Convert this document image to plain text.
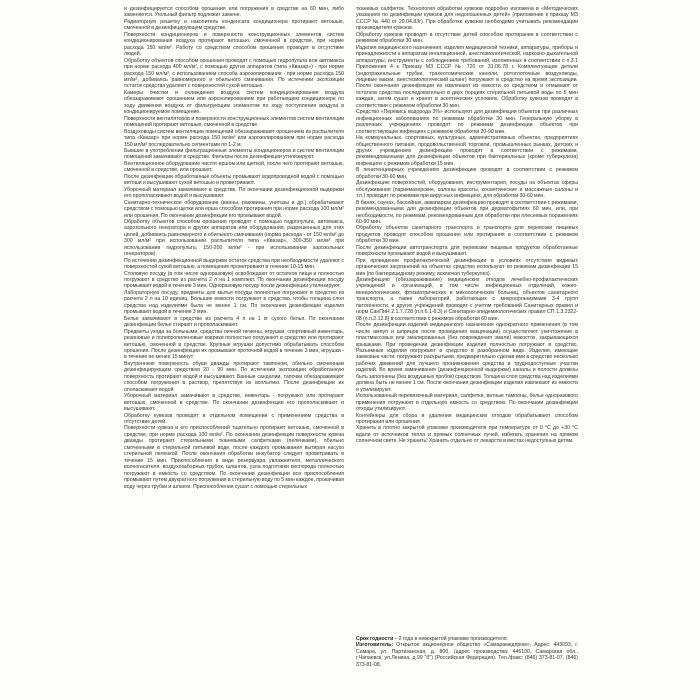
и дезинфицируется способом орошения или погружения в средстве на 60 мин, либо заменяется. Угольный фильтр подлежит замене.

Радиаторную решетку и накопитель конденсата кондиционера протирают ветошью, смоченной в дезинфицирующем средстве.

Поверхности кондиционеров и поверхности конструкционных элементов систем кондиционирования воздуха протирают ветошью, смоченной в средстве, при норме расхода 150 мл/м². Работу со средством способом орошения проводят в отсутствие людей.

Обработку объектов способом орошения проводят с помощью гидропульта или автомакса при норме расхода 400 мл/м², с помощью других аппаратов (типа «Квазар») - при норме расхода 150 мл/м², с использованием способа аэрозолирования - при норме расхода 150 мл/м², добиваясь равномерного и обильного смачивания. По истечении экспозиции остаток средства удаляют с поверхностей сухой ветошью.

Камеры очистки и охлаждения воздуха систем кондиционирования воздуха обеззараживают орошением или аэрозолированием при работающем кондиционере по ходу движения воздуха от фильтрующим элементом по ходу поступления воздуха в кондиционируемое помещение.

Поверхности вентиляторов и поверхности конструкционных элементов систем вентиляции помещений протирают ветошью, смоченной в средстве.

Воздуховоды систем вентиляции помещений обеззараживают орошением из распылителя типа «Квазар» при норме расхода 150 мл/м² или аэрозолированием при норме расхода 150 мл/м² последовательно сегментами по 1-2 м.

Бывшие в употреблении фильтрационные элементы кондиционеров и систем вентиляции помещений замачивают в средстве. Фильтры после дезинфекции утилизируют.

Вентиляционное оборудование чистят ершом или щеткой, после чего протирают ветошью, смоченной в средстве, или орошают.

После дезинфекции обработанные объекты промывают водопроводной водой с помощью ветоши и высушивают сухой ветошью и проветривают.

Уборочный материал замачивают в средстве. По окончании дезинфекционной выдержки его прополаскивают водой и высушивают.

Санитарно-техническое оборудование (ванны, раковины, унитазы и др.) обрабатывают средством с помощью щетки или ерша способом протирания при норме расхода 100 мл/м² или орошения. По окончании дезинфекции его промывают водой.

Обработку объектов способом орошения проводят с помощью гидропульта, автомакса, аэрозольного генератора и других аппаратов или оборудования, разрешенных для этих целей, добиваясь равномерного и обильного смачивания (норма расхода - от 150 мл/м² до 300 мл/м² при использовании распылителя типа «Квазар», 300-350 мл/м² при использовании гидропульта, 150-200 мл/м² - при использовании аэрозольных генераторов).

По истечении дезинфекционной выдержки остаток средства при необходимости удаляют с поверхностей сухой ветошью, а помещение проветривают в течение 10-15 мин.

Столовую посуду (в том числе одноразовую) освобождают от остатков пищи и полностью погружают в средство из расчета 2 л на 1 комплект. По окончании дезинфекции посуду промывают водой в течение 3 мин. Одноразовую посуду после дезинфекции утилизируют.

Лабораторную посуду, предметы для мытья посуды полностью погружают в средство из расчета 2 л на 10 единиц. Большие емкости погружают в средство, чтобы толщина слоя средства над изделиями была не менее 1 см. По окончании дезинфекции изделия промывают водой в течение 3 мин.

Белье замачивают в средстве из расчета 4 л на 1 кг сухого белья. По окончании дезинфекции белье стирают и прополаскивают.

Предметы ухода за больными, средства личной гигиены, игрушки, спортивный инвентарь, резиновые и полипропиленовые коврики полностью погружают в средство или протирают ветошью, смоченной в средстве. Крупные игрушки допустимо обрабатывать способом орошения. После дезинфекции их промывают проточной водой в течение 3 мин, игрушки - в течение не менее 15 минут.

Внутреннюю поверхность обуви дважды протирают тампоном, обильно смоченным дезинфицирующим средством 20 - 90 мин. По истечении экспозиции обработанную поверхность протирают водой и высушивают. Банные сандалии, тапочки обеззараживают способом погружения в раствор, препятствуя их всплытию. После дезинфекции их ополаскивают водой.

Уборочный материал замачивают в средстве, инвентарь - погружают или протирают ветошью, смоченной в средстве. По окончании дезинфекции его прополаскивают и высушивают.

Обработку кувезов проводят в отдельном помещении с применением средства в отсутствие детей.

Поверхности кувеза и его приспособлений тщательно протирают ветошью, смоченной в средстве, при норме расхода 100 мл/м². По окончании дезинфекции поверхности кувеза дважды протирают стерильными тканевыми салфетками (пеленками), обильно смоченными в стерильной питьевой воде, после каждого промывания вытирая насухо стерильной пеленкой. После окончания обработки инкубатор следует проветривать в течение 15 мин. Приспособления в виде резервуара увлажнителя, металлического волногасителя, воздухозаборных трубок, шлангов, узла подготовки кислорода полностью погружают в емкость со средством. По окончании дезинфекции все приспособления промывают путем двукратного погружения в стерильную воду по 5 мин каждое, прокачивая воду через трубки и шланги. Приспособления сушат с помощью стерильных

тканевых салфеток. Технология обработки кувезов подробно изложена в «Методических указаниях по дезинфекции кувезов для недоношенных детей» (приложение к приказу МЗ СССР № 440 от 20.04.83г). При обработке кувезов необходимо учитывать рекомендации производителя кувезов.

Обработку кувезов проводят в отсутствие детей способом протирания в соответствии с режимом обработки 30 мин.

Изделия медицинского назначения, изделия медицинской техники, аппаратуры, приборы и принадлежности к аппаратам ингаляционной, анестезиологической, наркозно-дыхательной аппаратуры, инструменты с соблюдением требований, изложенных в соответствии с п.3.1 Приложения 4 к Приказу МЗ СССР № 720 от 31.06.78 г. Комплектующие детали (эндотрахеальные трубки, трахеотомические канюли, ротоглоточные воздуховоды, лицевые маски, анестезиологический шланг) погружают в средство на время экспозиции. После окончания дезинфекции их извлекают из емкости со средством и отмывают от остатков средства последовательно в двух порциях стерильной питьевой воды по 5 мин каждая, затем сушат и хранят в асептических условиях. Обработку кувезов проводят в соответствии с режимом обработки 30 мин.

Средство «Перекись водорода 3%» используют для дезинфекции объектов при различных инфекционных заболеваниях по режимам обработки 30 мин. Генеральную уборку в различных учреждениях проводят по режимам дезинфекции объектов при соответствующих инфекциях с режимом обработки 20-90 мин.

На коммунальных, спортивных, культурных, административных объектах, предприятиях общественного питания, продовольственной торговли, промышленных рынках, детских и других учреждениях дезинфекцию проводят в соответствии с режимами, рекомендованными для дезинфекции объектов при бактериальных (кроме туберкулеза) инфекциях с режимом обработки 15 мин.

В пенитенциарных учреждениях дезинфекцию проводят в соответствии с режимом обработки 30-60 мин.

Дезинфекцию поверхностей, оборудования, инструментария, посуды на объектах сферы обслуживания (парикмахерские, салоны красоты, косметические и массажные салоны и т.п.) проводят по режимам при вирусных инфекциях, для обработки 30-60 мин.

В банях, саунах, бассейнах, аквапарках дезинфекцию проводят в соответствии с режимами, рекомендованными для дезинфекции объектов при дерматофитиях 60 мин, или, при необходимости, по режимам, рекомендованным для обработки при плесневых поражениях 60-90 мин.

Обработку объектов санитарного транспорта и транспорта для перевозки пищевых продуктов проводят способом орошения или протирания в соответствии с режимом обработки 30 мин.

После дезинфекции автотранспорта для перевозки пищевых продуктов обработанные поверхности промывают водой и высушивают.

При проведении профилактической дезинфекции в условиях отсутствия видимых органических загрязнений на объектах средство используют по режимам дезинфекции 15 мин (по бактерицидному режиму, исключая туберкулез).

Дезинфекцию (обеззараживание) медицинских отходов лечебно-профилактических учреждений и организаций, в том числе инфекционных отделений, кожно-венерологических, фтизиатрических и микологических больниц, объектов санитарного транспорта, а также лабораторий, работающих с микроорганизмами 3-4 групп патогенности, и других учреждений проводят с учетом требований Санитарных правил и норм СанПиН 2.1.7.728 (п.п.6.1-6.3) и Санитарно-эпидемиологических правил СП 1.3.2322-08 (п.п.2.12.8) в соответствии с режимом обработки 60 мин.

После дезинфекции изделий медицинского назначения однократного применения (в том числе ампул и шприцов после проведения вакцинации) осуществляют уничтожение в пластмассовых или эмалированных (без повреждения эмали) емкостях, закрывающихся крышками. При проведении дезинфекции изделия полностью погружают в средство. Разъемные изделия погружают в средство в разобранном виде. Изделия, имеющие замковые части, погружают раскрытыми, предварительно сделав ими в средстве несколько рабочих движений для лучшего проникновения средства в труднодоступные участки изделий. Во время замачивания (дезинфекционной выдержки) каналы и полости должны быть заполнены (без воздушных пробок) средством. Толщина слоя средства над изделиями должна быть не менее 1 см. После окончания дезинфекции изделия извлекают из емкости и утилизируют.

Использованный перевязочный материал, салфетки, ватные тампоны, белье одноразового применения погружают в отдельную емкость со средством. По окончании дезинфекции отходы утилизируют.

Контейнеры для сбора и удаления медицинских отходов обрабатывают способом протирания или орошения.

Хранить в плотно закрытой упаковке производителя при температуре от 0 °С до +30 °С вдали от источников тепла и прямых солнечных лучей, избегать хранения на прямом солнечном свете. Не хранить! Хранить отдельно от лекарств в местах недоступных детям.

Срок годности – 2 года в невскрытой упаковке производителя.

Изготовитель: Открытое акционерное общество «Самарамедпром», Адрес: 443093, г. Самара, ул. Партизанская, д. 80б, (адрес производства: 446100, Самарская обл., г.Чапаевск, ул.Ленина, д.99 "б") (Российская Федерация). Тел./факс: (846) 373-81-07, (846) 373-81-08.
